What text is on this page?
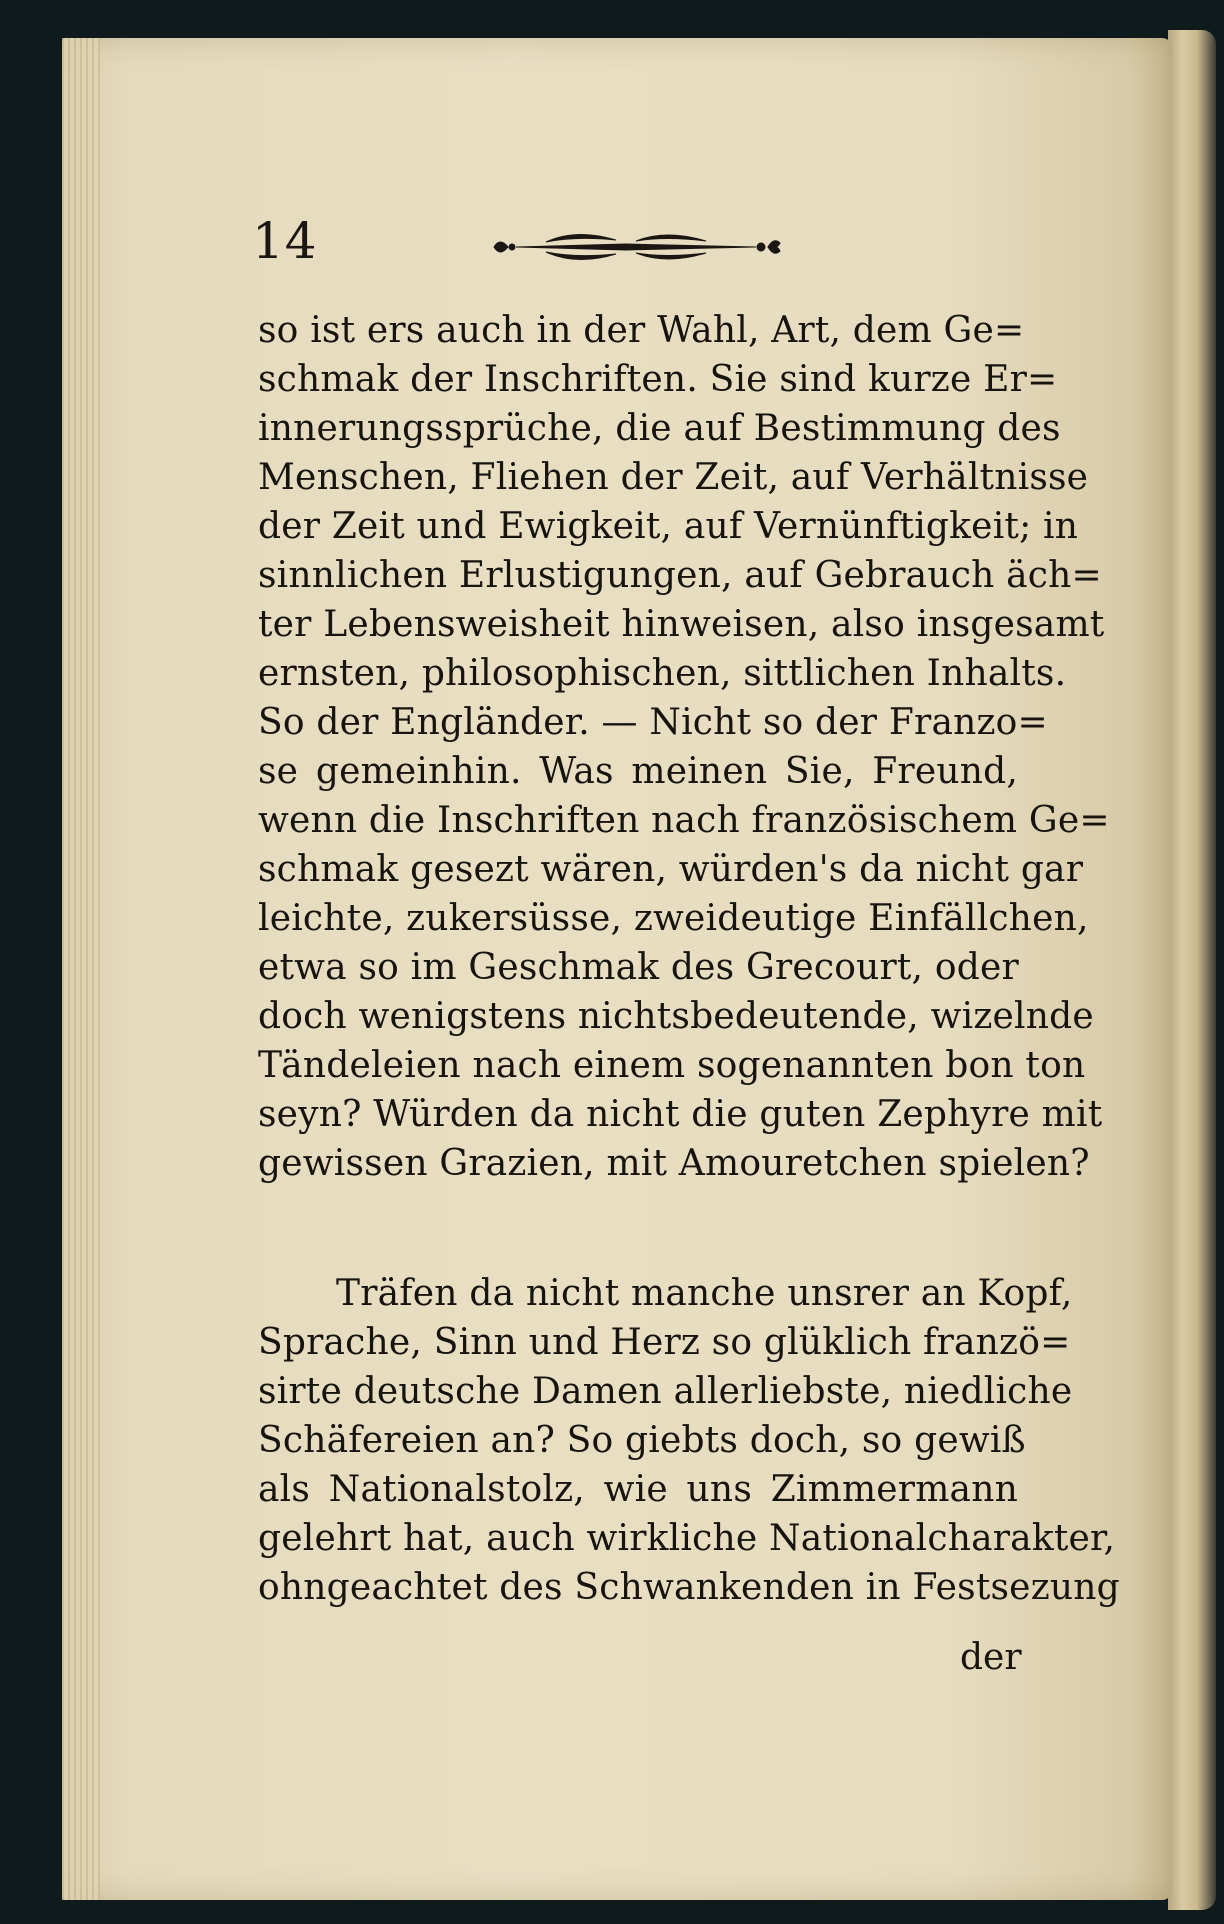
14
so ist ers auch in der Wahl, Art, dem Ge=
schmak der Inschriften. Sie sind kurze Er=
innerungssprüche, die auf Bestimmung des
Menschen, Fliehen der Zeit, auf Verhältnisse
der Zeit und Ewigkeit, auf Vernünftigkeit; in
sinnlichen Erlustigungen, auf Gebrauch äch=
ter Lebensweisheit hinweisen, also insgesamt
ernsten, philosophischen, sittlichen Inhalts.
So der Engländer. — Nicht so der Franzo=
se gemeinhin. Was meinen Sie, Freund,
wenn die Inschriften nach französischem Ge=
schmak gesezt wären, würden's da nicht gar
leichte, zukersüsse, zweideutige Einfällchen,
etwa so im Geschmak des Grecourt, oder
doch wenigstens nichtsbedeutende, wizelnde
Tändeleien nach einem sogenannten bon ton
seyn? Würden da nicht die guten Zephyre mit
gewissen Grazien, mit Amouretchen spielen?
Träfen da nicht manche unsrer an Kopf,
Sprache, Sinn und Herz so glüklich franzö=
sirte deutsche Damen allerliebste, niedliche
Schäfereien an? So giebts doch, so gewiß
als Nationalstolz, wie uns Zimmermann
gelehrt hat, auch wirkliche Nationalcharakter,
ohngeachtet des Schwankenden in Festsezung
der
